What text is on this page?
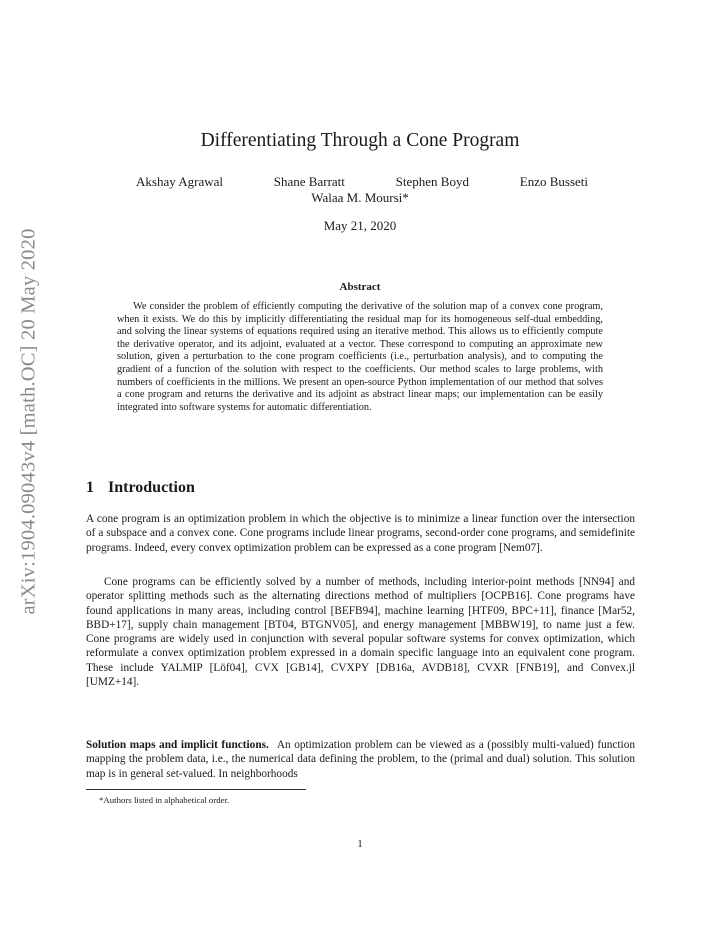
arXiv:1904.09043v4 [math.OC] 20 May 2020
Differentiating Through a Cone Program
Akshay Agrawal	Shane Barratt	Stephen Boyd	Enzo Busseti
Walaa M. Moursi*
May 21, 2020
Abstract

We consider the problem of efficiently computing the derivative of the solution map of a convex cone program, when it exists. We do this by implicitly differentiating the residual map for its homogeneous self-dual embedding, and solving the linear systems of equations required using an iterative method. This allows us to efficiently compute the derivative operator, and its adjoint, evaluated at a vector. These correspond to computing an approximate new solution, given a perturbation to the cone program coefficients (i.e., perturbation analysis), and to computing the gradient of a function of the solution with respect to the coefficients. Our method scales to large problems, with numbers of coefficients in the millions. We present an open-source Python implementation of our method that solves a cone program and returns the derivative and its adjoint as abstract linear maps; our implementation can be easily integrated into software systems for automatic differentiation.

1 Introduction

A cone program is an optimization problem in which the objective is to minimize a linear function over the intersection of a subspace and a convex cone. Cone programs include linear programs, second-order cone programs, and semidefinite programs. Indeed, every convex optimization problem can be expressed as a cone program [Nem07].

Cone programs can be efficiently solved by a number of methods, including interior-point methods [NN94] and operator splitting methods such as the alternating directions method of multipliers [OCPB16]. Cone programs have found applications in many areas, including control [BEFB94], machine learning [HTF09, BPC+11], finance [Mar52, BBD+17], supply chain management [BT04, BTGNV05], and energy management [MBBW19], to name just a few. Cone programs are widely used in conjunction with several popular software systems for convex optimization, which reformulate a convex optimization problem expressed in a domain specific language into an equivalent cone program. These include YALMIP [Löf04], CVX [GB14], CVXPY [DB16a, AVDB18], CVXR [FNB19], and Convex.jl [UMZ+14].

Solution maps and implicit functions. An optimization problem can be viewed as a (possibly multi-valued) function mapping the problem data, i.e., the numerical data defining the problem, to the (primal and dual) solution. This solution map is in general set-valued. In neighborhoods

*Authors listed in alphabetical order.
1
